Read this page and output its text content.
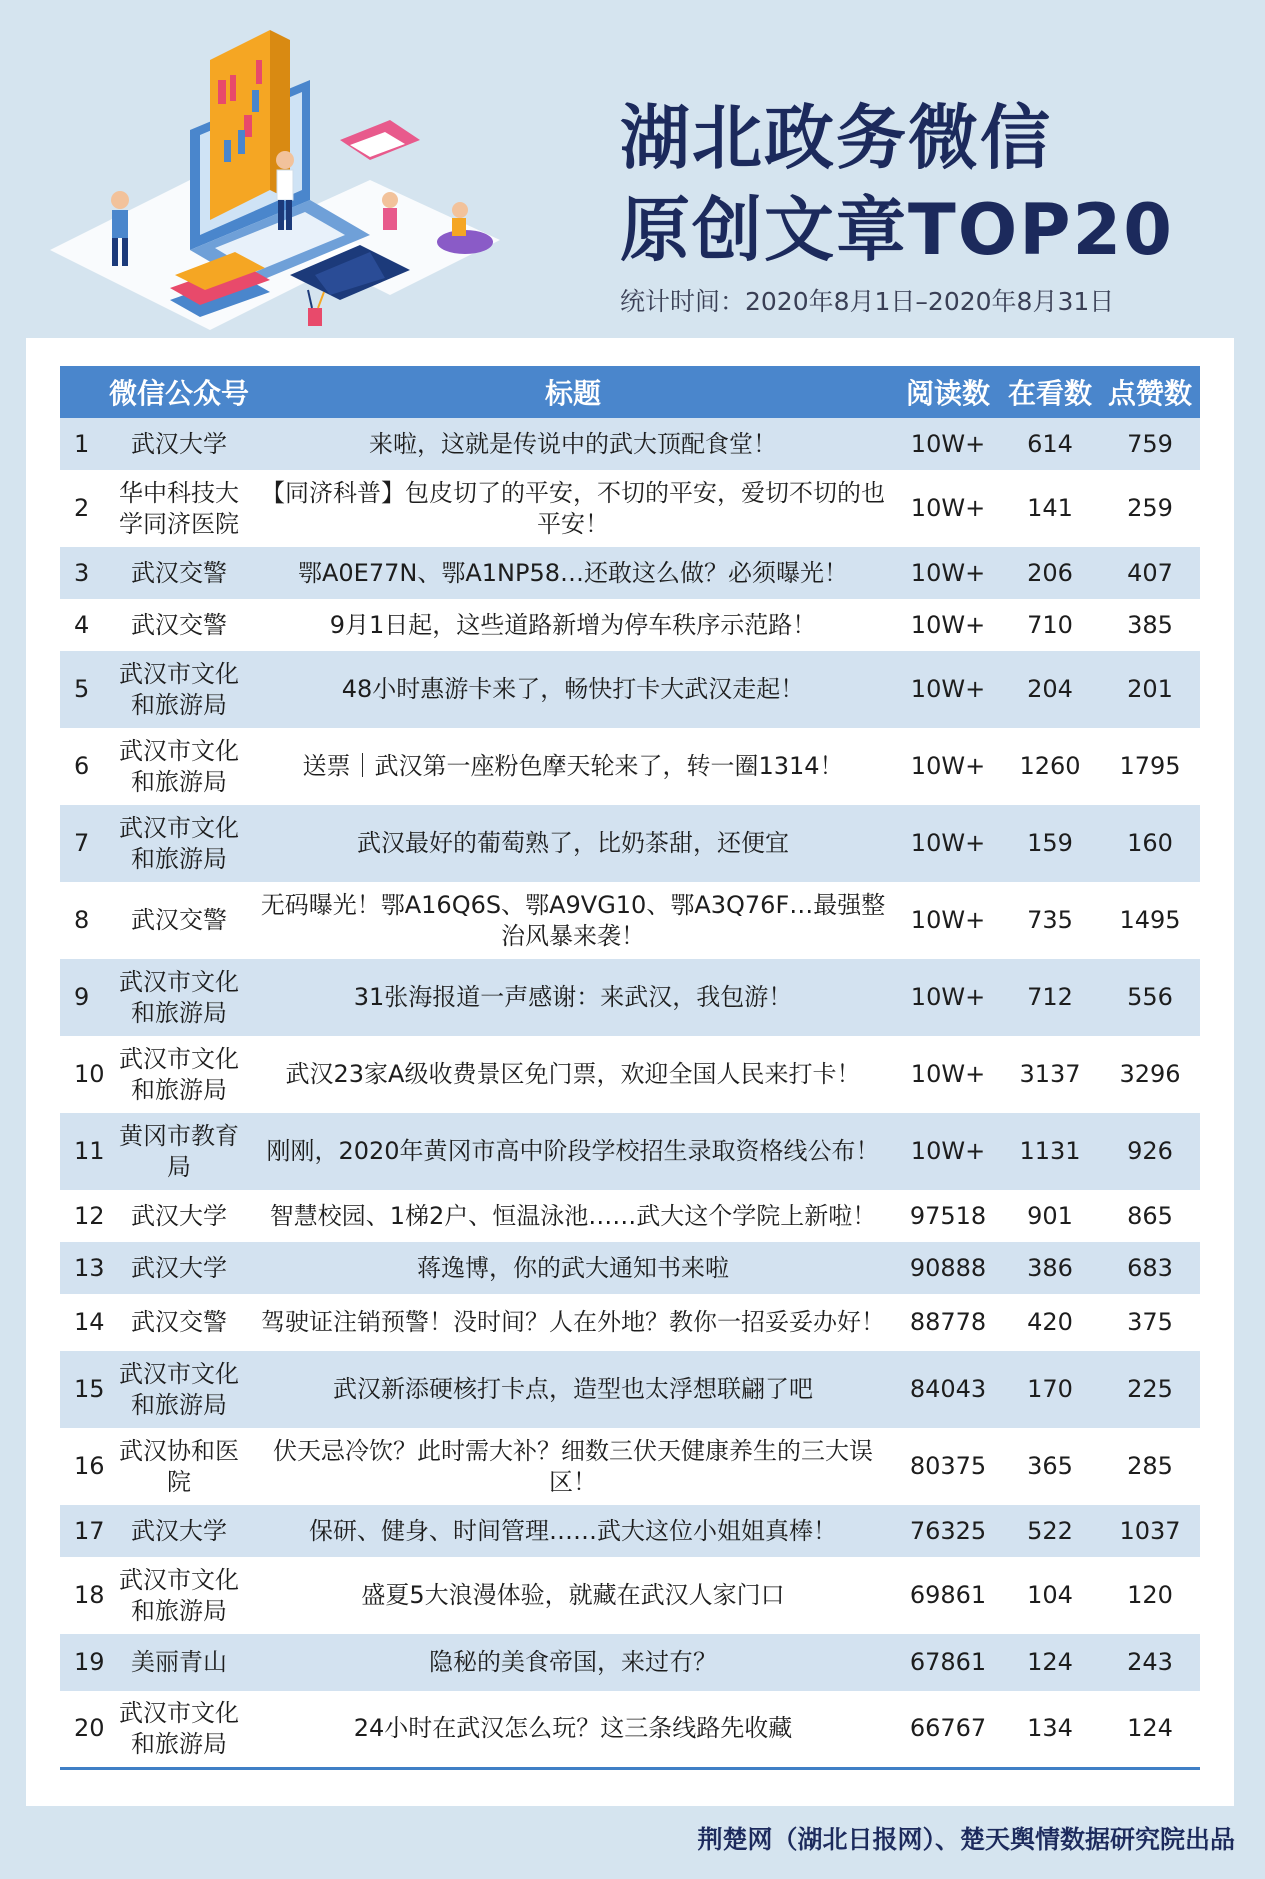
湖北政务微信
原创文章TOP20
统计时间：2020年8月1日–2020年8月31日
	微信公众号	标题	阅读数	在看数	点赞数
1	武汉大学	来啦，这就是传说中的武大顶配食堂！	10W+	614	759
2	华中科技大学同济医院	【同济科普】包皮切了的平安，不切的平安，爱切不切的也平安！	10W+	141	259
3	武汉交警	鄂A0E77N、鄂A1NP58…还敢这么做？必须曝光！	10W+	206	407
4	武汉交警	9月1日起，这些道路新增为停车秩序示范路！	10W+	710	385
5	武汉市文化和旅游局	48小时惠游卡来了，畅快打卡大武汉走起！	10W+	204	201
6	武汉市文化和旅游局	送票｜武汉第一座粉色摩天轮来了，转一圈1314！	10W+	1260	1795
7	武汉市文化和旅游局	武汉最好的葡萄熟了，比奶茶甜，还便宜	10W+	159	160
8	武汉交警	无码曝光！鄂A16Q6S、鄂A9VG10、鄂A3Q76F…最强整治风暴来袭！	10W+	735	1495
9	武汉市文化和旅游局	31张海报道一声感谢：来武汉，我包游！	10W+	712	556
10	武汉市文化和旅游局	武汉23家A级收费景区免门票，欢迎全国人民来打卡！	10W+	3137	3296
11	黄冈市教育局	刚刚，2020年黄冈市高中阶段学校招生录取资格线公布！	10W+	1131	926
12	武汉大学	智慧校园、1梯2户、恒温泳池……武大这个学院上新啦！	97518	901	865
13	武汉大学	蒋逸博，你的武大通知书来啦	90888	386	683
14	武汉交警	驾驶证注销预警！没时间？人在外地？教你一招妥妥办好！	88778	420	375
15	武汉市文化和旅游局	武汉新添硬核打卡点，造型也太浮想联翩了吧	84043	170	225
16	武汉协和医院	伏天忌冷饮？此时需大补？细数三伏天健康养生的三大误区！	80375	365	285
17	武汉大学	保研、健身、时间管理……武大这位小姐姐真棒！	76325	522	1037
18	武汉市文化和旅游局	盛夏5大浪漫体验，就藏在武汉人家门口	69861	104	120
19	美丽青山	隐秘的美食帝国，来过冇？	67861	124	243
20	武汉市文化和旅游局	24小时在武汉怎么玩？这三条线路先收藏	66767	134	124
荆楚网（湖北日报网）、楚天舆情数据研究院出品
